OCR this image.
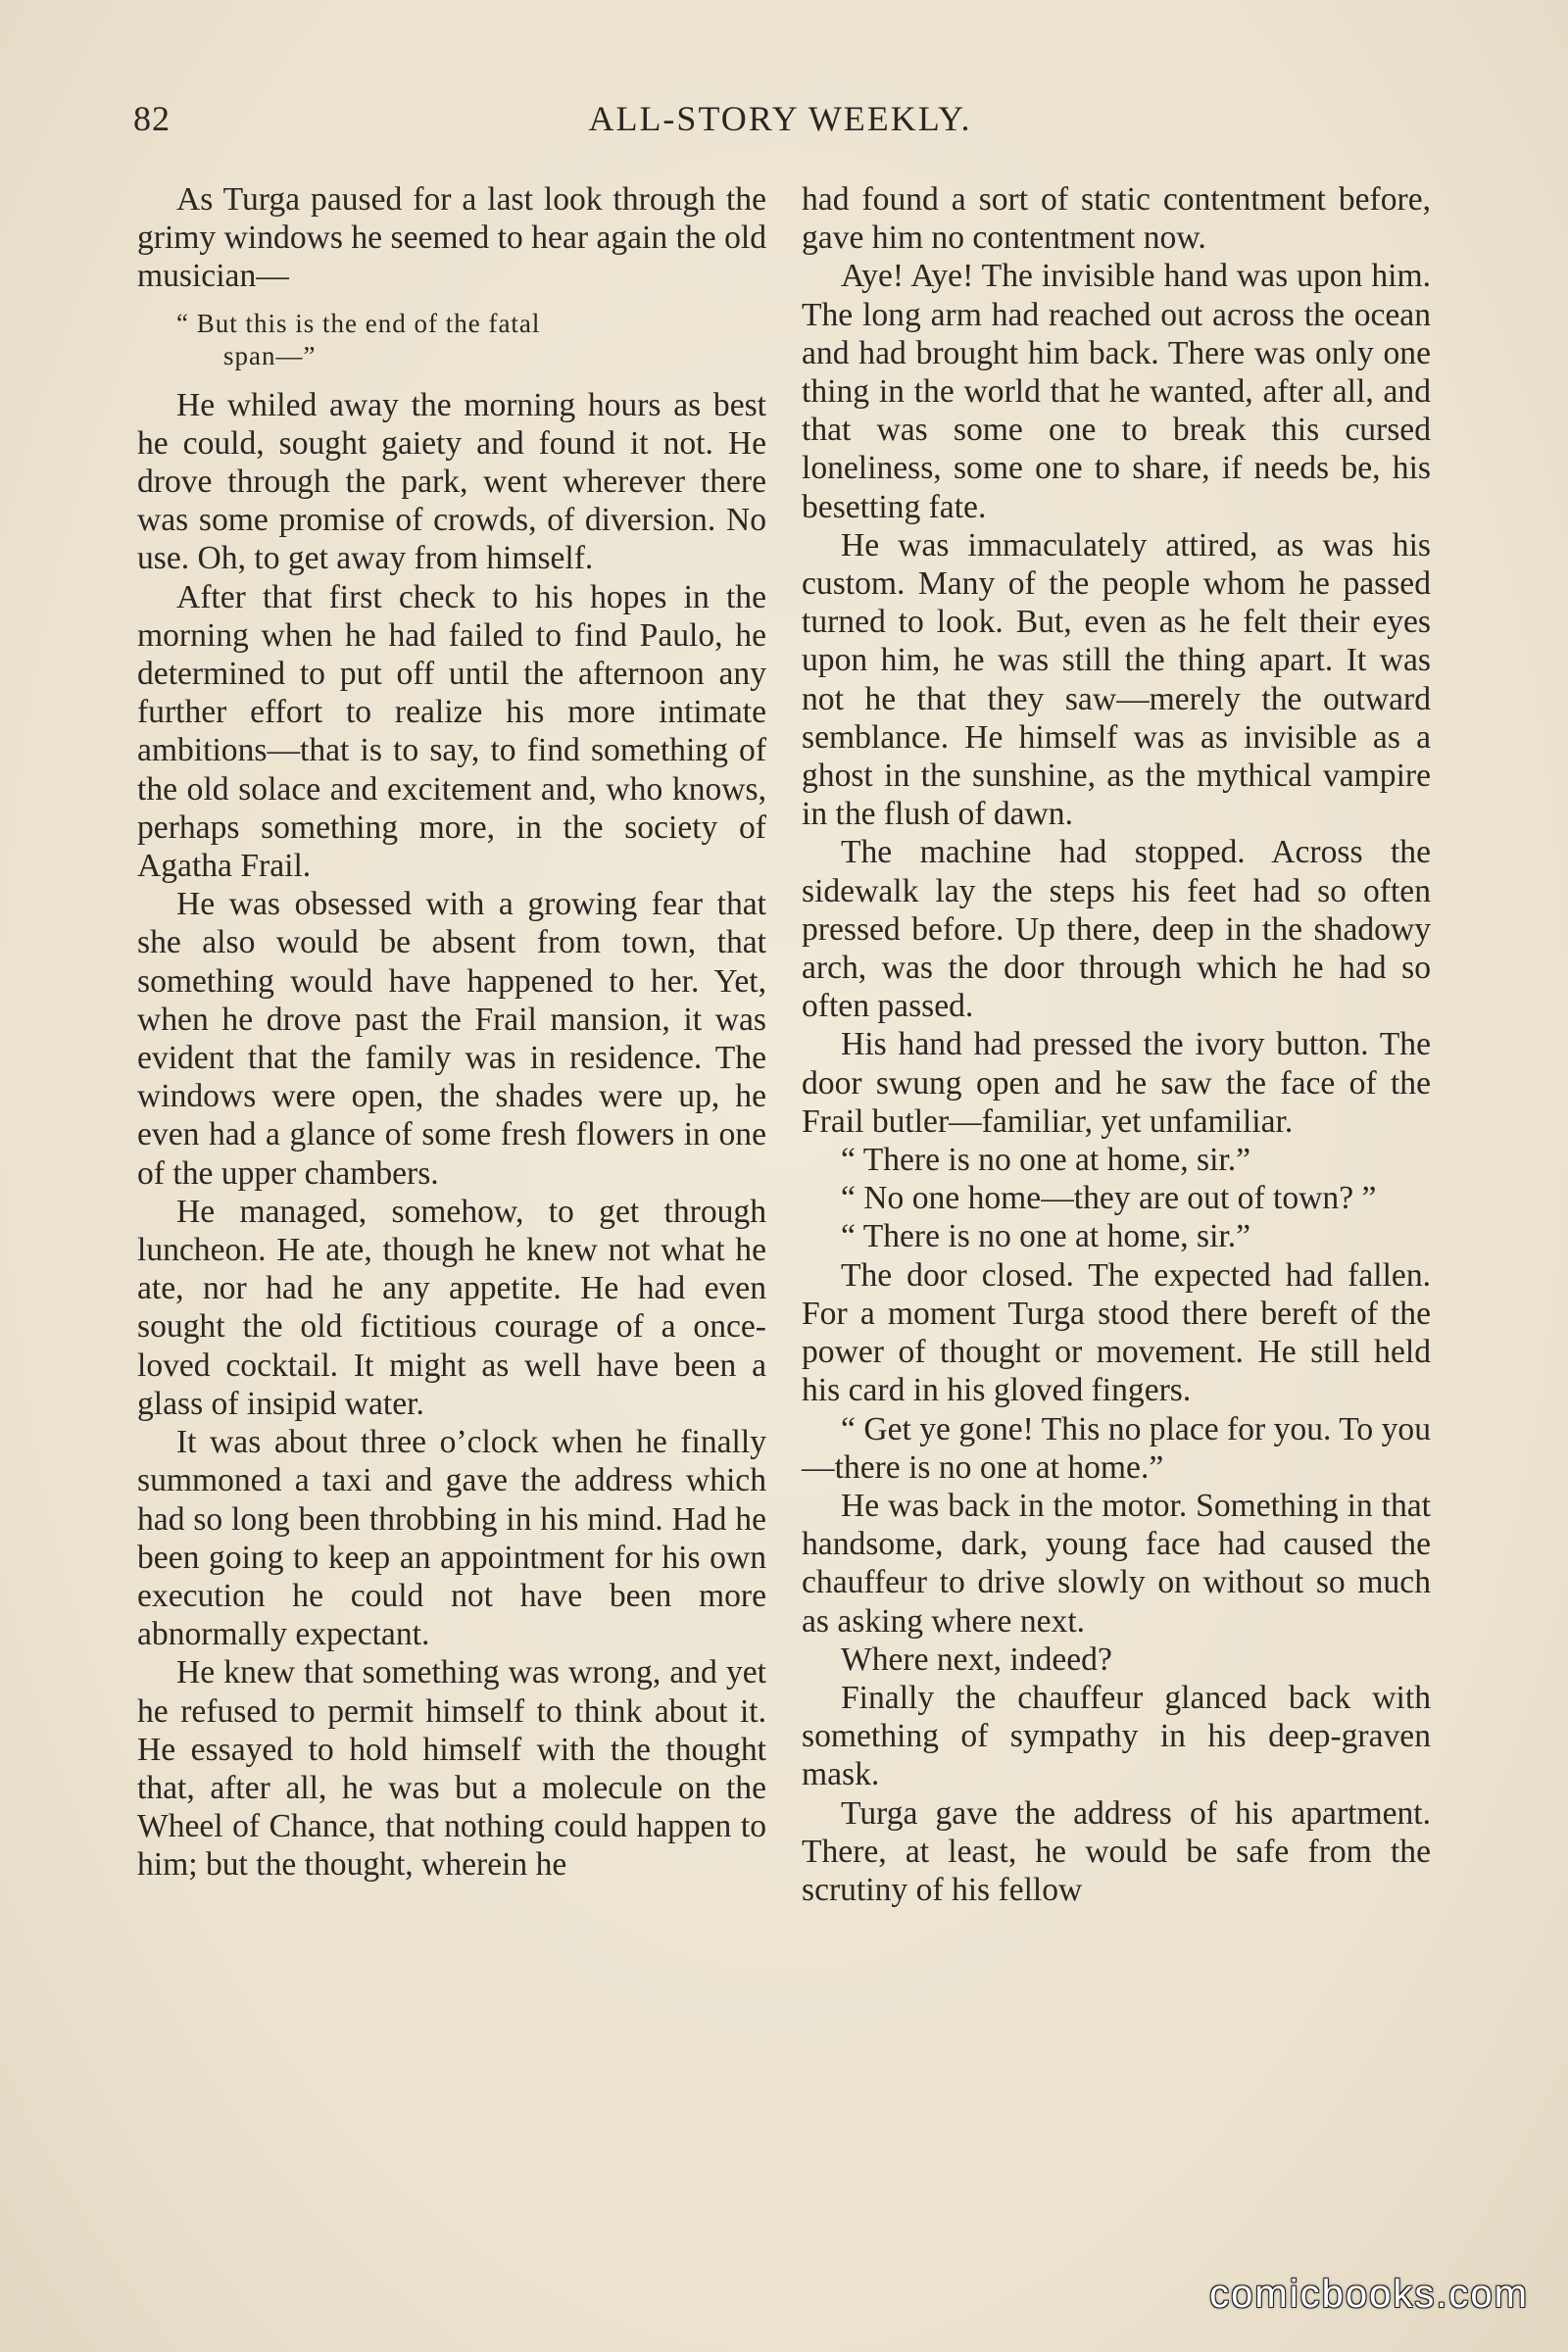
82	ALL-STORY WEEKLY.

As Turga paused for a last look through the grimy windows he seemed to hear again the old musician—

“ But this is the end of the fatal
span—”

He whiled away the morning hours as best he could, sought gaiety and found it not. He drove through the park, went wherever there was some promise of crowds, of diversion. No use. Oh, to get away from himself.

After that first check to his hopes in the morning when he had failed to find Paulo, he determined to put off until the afternoon any further effort to realize his more intimate ambitions—that is to say, to find something of the old solace and excitement and, who knows, perhaps something more, in the society of Agatha Frail.

He was obsessed with a growing fear that she also would be absent from town, that something would have happened to her. Yet, when he drove past the Frail mansion, it was evident that the family was in residence. The windows were open, the shades were up, he even had a glance of some fresh flowers in one of the upper chambers.

He managed, somehow, to get through luncheon. He ate, though he knew not what he ate, nor had he any appetite. He had even sought the old fictitious courage of a once-loved cocktail. It might as well have been a glass of insipid water.

It was about three o’clock when he finally summoned a taxi and gave the address which had so long been throbbing in his mind. Had he been going to keep an appointment for his own execution he could not have been more abnormally expectant.

He knew that something was wrong, and yet he refused to permit himself to think about it. He essayed to hold himself with the thought that, after all, he was but a molecule on the Wheel of Chance, that nothing could happen to him; but the thought, wherein he

had found a sort of static contentment before, gave him no contentment now.

Aye! Aye! The invisible hand was upon him. The long arm had reached out across the ocean and had brought him back. There was only one thing in the world that he wanted, after all, and that was some one to break this cursed loneliness, some one to share, if needs be, his besetting fate.

He was immaculately attired, as was his custom. Many of the people whom he passed turned to look. But, even as he felt their eyes upon him, he was still the thing apart. It was not he that they saw—merely the outward semblance. He himself was as invisible as a ghost in the sunshine, as the mythical vampire in the flush of dawn.

The machine had stopped. Across the sidewalk lay the steps his feet had so often pressed before. Up there, deep in the shadowy arch, was the door through which he had so often passed.

His hand had pressed the ivory button. The door swung open and he saw the face of the Frail butler—familiar, yet unfamiliar.

“ There is no one at home, sir.”

“ No one home—they are out of town? ”

“ There is no one at home, sir.”

The door closed. The expected had fallen. For a moment Turga stood there bereft of the power of thought or movement. He still held his card in his gloved fingers.

“ Get ye gone! This no place for you. To you—there is no one at home.”

He was back in the motor. Something in that handsome, dark, young face had caused the chauffeur to drive slowly on without so much as asking where next.

Where next, indeed?

Finally the chauffeur glanced back with something of sympathy in his deep-graven mask.

Turga gave the address of his apartment. There, at least, he would be safe from the scrutiny of his fellow

comicbooks.com
